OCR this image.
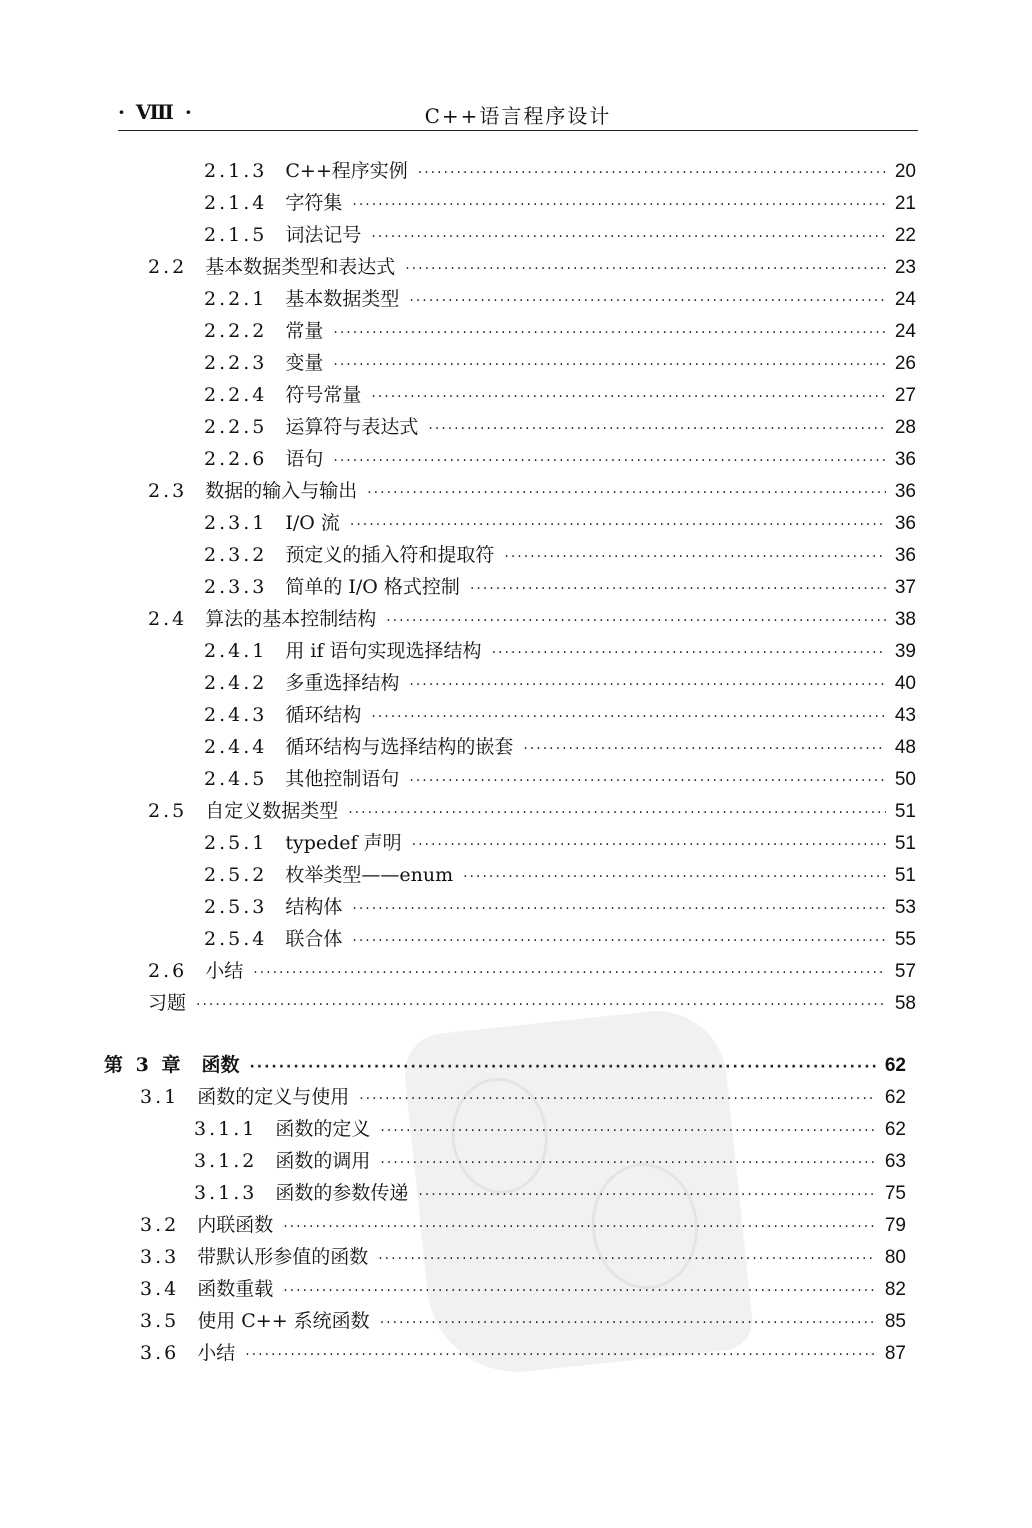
· Ⅷ ·	C++语言程序设计
2.1.3 C++程序实例 ·····	20
2.1.4 字符集 ·····	21
2.1.5 词法记号 ·····	22
2.2 基本数据类型和表达式 ·····	23
2.2.1 基本数据类型 ·····	24
2.2.2 常量 ·····	24
2.2.3 变量 ·····	26
2.2.4 符号常量 ·····	27
2.2.5 运算符与表达式 ·····	28
2.2.6 语句 ·····	36
2.3 数据的输入与输出 ·····	36
2.3.1 I/O 流 ·····	36
2.3.2 预定义的插入符和提取符 ·····	36
2.3.3 简单的 I/O 格式控制 ·····	37
2.4 算法的基本控制结构 ·····	38
2.4.1 用 if 语句实现选择结构 ·····	39
2.4.2 多重选择结构 ·····	40
2.4.3 循环结构 ·····	43
2.4.4 循环结构与选择结构的嵌套 ·····	48
2.4.5 其他控制语句 ·····	50
2.5 自定义数据类型 ·····	51
2.5.1 typedef 声明 ·····	51
2.5.2 枚举类型——enum ·····	51
2.5.3 结构体 ·····	53
2.5.4 联合体 ·····	55
2.6 小结 ·····	57
习题 ·····	58
第 3 章 函数 ·····	62
3.1 函数的定义与使用 ·····	62
3.1.1 函数的定义 ·····	62
3.1.2 函数的调用 ·····	63
3.1.3 函数的参数传递 ·····	75
3.2 内联函数 ·····	79
3.3 带默认形参值的函数 ·····	80
3.4 函数重载 ·····	82
3.5 使用 C++ 系统函数 ·····	85
3.6 小结 ·····	87
